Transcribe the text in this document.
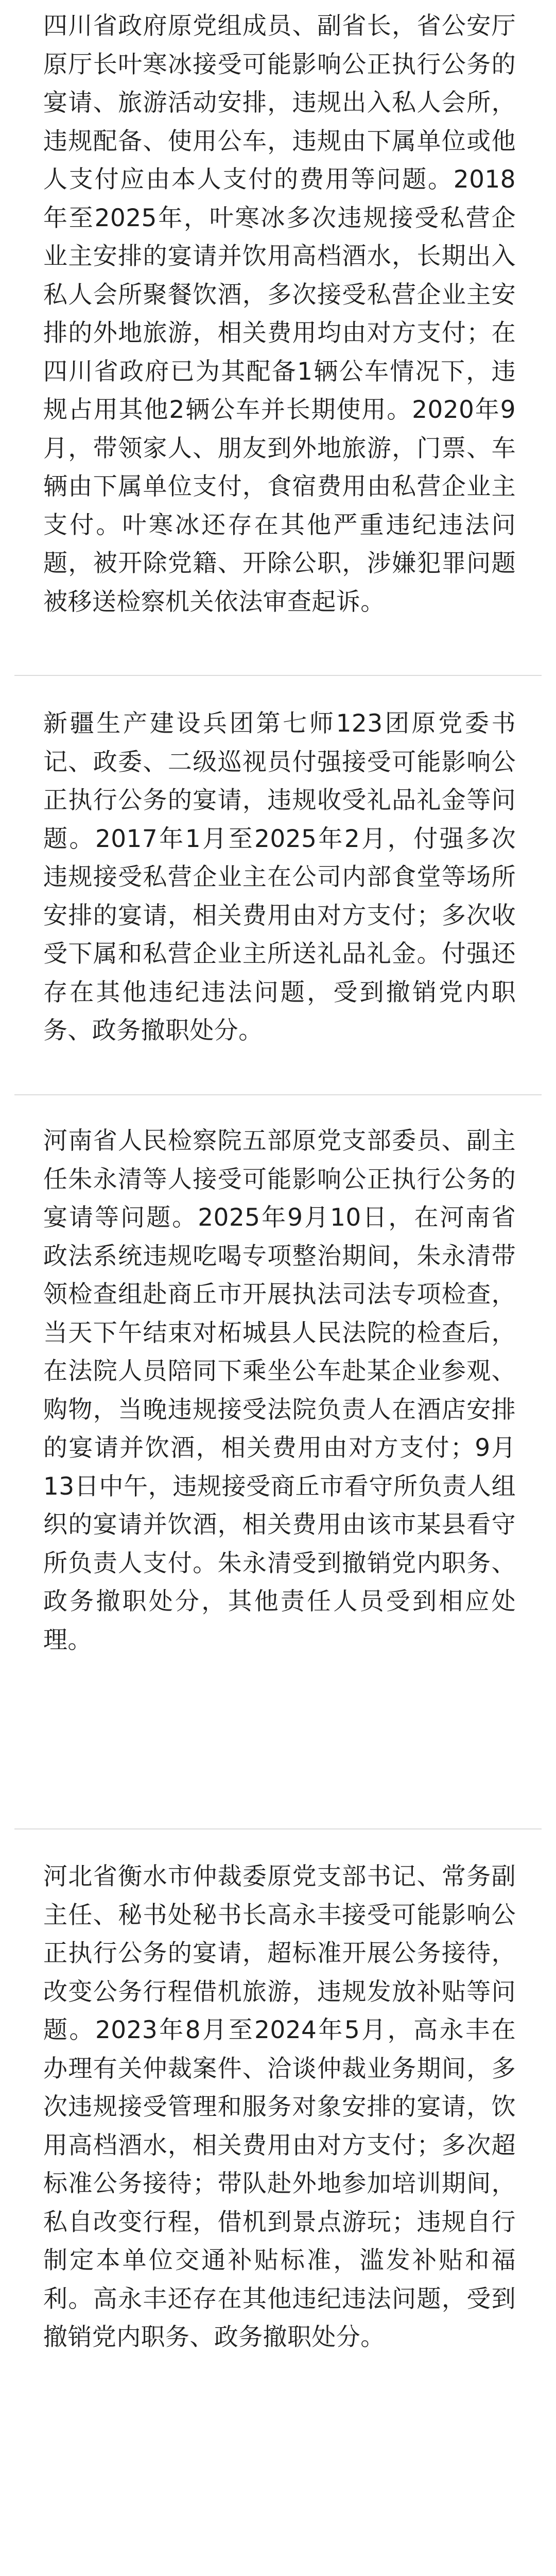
四川省政府原党组成员、副省长，省公安厅原厅长叶寒冰接受可能影响公正执行公务的宴请、旅游活动安排，违规出入私人会所，违规配备、使用公车，违规由下属单位或他人支付应由本人支付的费用等问题。2018年至2025年，叶寒冰多次违规接受私营企业主安排的宴请并饮用高档酒水，长期出入私人会所聚餐饮酒，多次接受私营企业主安排的外地旅游，相关费用均由对方支付；在四川省政府已为其配备1辆公车情况下，违规占用其他2辆公车并长期使用。2020年9月，带领家人、朋友到外地旅游，门票、车辆由下属单位支付，食宿费用由私营企业主支付。叶寒冰还存在其他严重违纪违法问题，被开除党籍、开除公职，涉嫌犯罪问题被移送检察机关依法审查起诉。

新疆生产建设兵团第七师123团原党委书记、政委、二级巡视员付强接受可能影响公正执行公务的宴请，违规收受礼品礼金等问题。2017年1月至2025年2月，付强多次违规接受私营企业主在公司内部食堂等场所安排的宴请，相关费用由对方支付；多次收受下属和私营企业主所送礼品礼金。付强还存在其他违纪违法问题，受到撤销党内职务、政务撤职处分。

河南省人民检察院五部原党支部委员、副主任朱永清等人接受可能影响公正执行公务的宴请等问题。2025年9月10日，在河南省政法系统违规吃喝专项整治期间，朱永清带领检查组赴商丘市开展执法司法专项检查，当天下午结束对柘城县人民法院的检查后，在法院人员陪同下乘坐公车赴某企业参观、购物，当晚违规接受法院负责人在酒店安排的宴请并饮酒，相关费用由对方支付；9月13日中午，违规接受商丘市看守所负责人组织的宴请并饮酒，相关费用由该市某县看守所负责人支付。朱永清受到撤销党内职务、政务撤职处分，其他责任人员受到相应处理。

河北省衡水市仲裁委原党支部书记、常务副主任、秘书处秘书长高永丰接受可能影响公正执行公务的宴请，超标准开展公务接待，改变公务行程借机旅游，违规发放补贴等问题。2023年8月至2024年5月，高永丰在办理有关仲裁案件、洽谈仲裁业务期间，多次违规接受管理和服务对象安排的宴请，饮用高档酒水，相关费用由对方支付；多次超标准公务接待；带队赴外地参加培训期间，私自改变行程，借机到景点游玩；违规自行制定本单位交通补贴标准，滥发补贴和福利。高永丰还存在其他违纪违法问题，受到撤销党内职务、政务撤职处分。
